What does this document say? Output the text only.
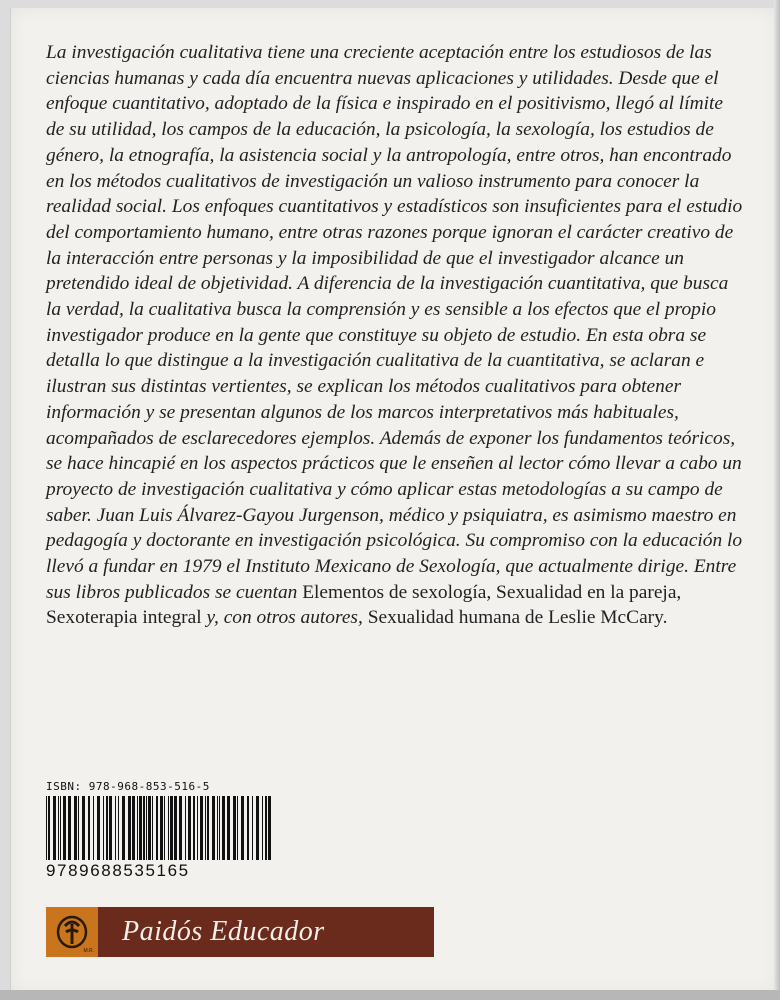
La investigación cualitativa tiene una creciente aceptación entre los estudiosos de las ciencias humanas y cada día encuentra nuevas aplicaciones y utilidades. Desde que el enfoque cuantitativo, adoptado de la física e inspirado en el positivismo, llegó al límite de su utilidad, los campos de la educación, la psicología, la sexología, los estudios de género, la etnografía, la asistencia social y la antropología, entre otros, han encontrado en los métodos cualitativos de investigación un valioso instrumento para conocer la realidad social. Los enfoques cuantitativos y estadísticos son insuficientes para el estudio del comportamiento humano, entre otras razones porque ignoran el carácter creativo de la interacción entre personas y la imposibilidad de que el investigador alcance un pretendido ideal de objetividad. A diferencia de la investigación cuantitativa, que busca la verdad, la cualitativa busca la comprensión y es sensible a los efectos que el propio investigador produce en la gente que constituye su objeto de estudio. En esta obra se detalla lo que distingue a la investigación cualitativa de la cuantitativa, se aclaran e ilustran sus distintas vertientes, se explican los métodos cualitativos para obtener información y se presentan algunos de los marcos interpretativos más habituales, acompañados de esclarecedores ejemplos. Además de exponer los fundamentos teóricos, se hace hincapié en los aspectos prácticos que le enseñen al lector cómo llevar a cabo un proyecto de investigación cualitativa y cómo aplicar estas metodologías a su campo de saber. Juan Luis Álvarez-Gayou Jurgenson, médico y psiquiatra, es asimismo maestro en pedagogía y doctorante en investigación psicológica. Su compromiso con la educación lo llevó a fundar en 1979 el Instituto Mexicano de Sexología, que actualmente dirige. Entre sus libros publicados se cuentan Elementos de sexología, Sexualidad en la pareja, Sexoterapia integral y, con otros autores, Sexualidad humana de Leslie McCary.
ISBN: 978-968-853-516-5
9789688535165
M.R.
Paidós Educador
